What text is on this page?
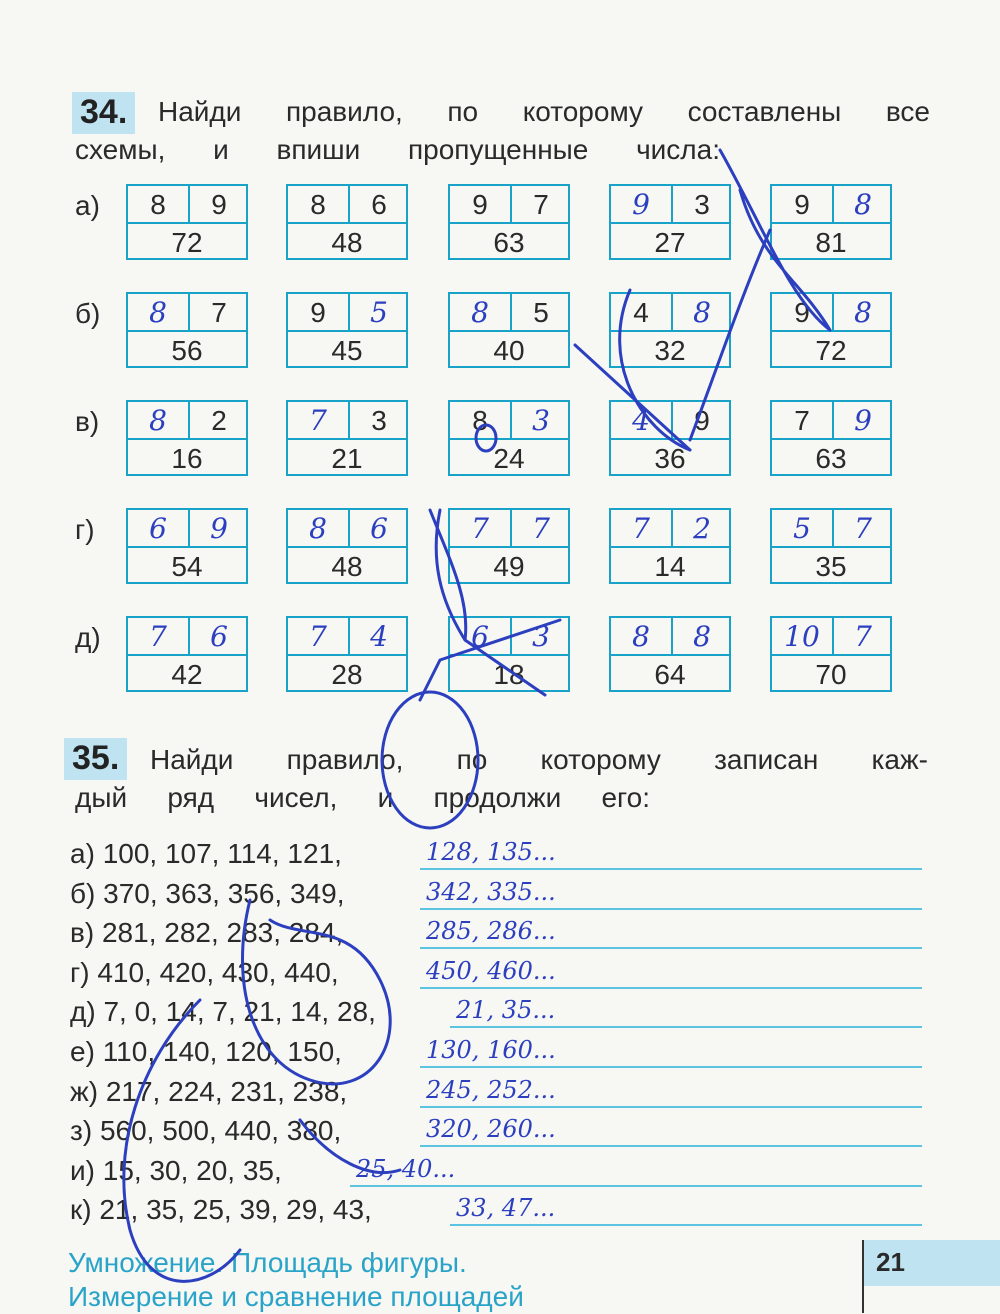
34. Найди правило, по которому составлены все
схемы, и впиши пропущенные числа:
а)	8	9
72
8	6
48
9	7
63
9	3
27
9	8
81
б)	8	7
56
9	5
45
8	5
40
4	8
32
9	8
72
в)	8	2
16
7	3
21
8	3
24
4	9
36
7	9
63
г)	6	9
54
8	6
48
7	7
49
7	2
14
5	7
35
д)	7	6
42
7	4
28
6	3
18
8	8
64
10	7
70
35. Найди правило, по которому записан каж-
дый ряд чисел, и продолжи его:
а) 100, 107, 114, 121,	128, 135...
б) 370, 363, 356, 349,	342, 335...
в) 281, 282, 283, 284,	285, 286...
г) 410, 420, 430, 440,	450, 460...
д) 7, 0, 14, 7, 21, 14, 28,	21, 35...
е) 110, 140, 120, 150,	130, 160...
ж) 217, 224, 231, 238,	245, 252...
з) 560, 500, 440, 380,	320, 260...
и) 15, 30, 20, 35,	25, 40...
к) 21, 35, 25, 39, 29, 43,	33, 47...
Умножение. Площадь фигуры.
Измерение и сравнение площадей
21
